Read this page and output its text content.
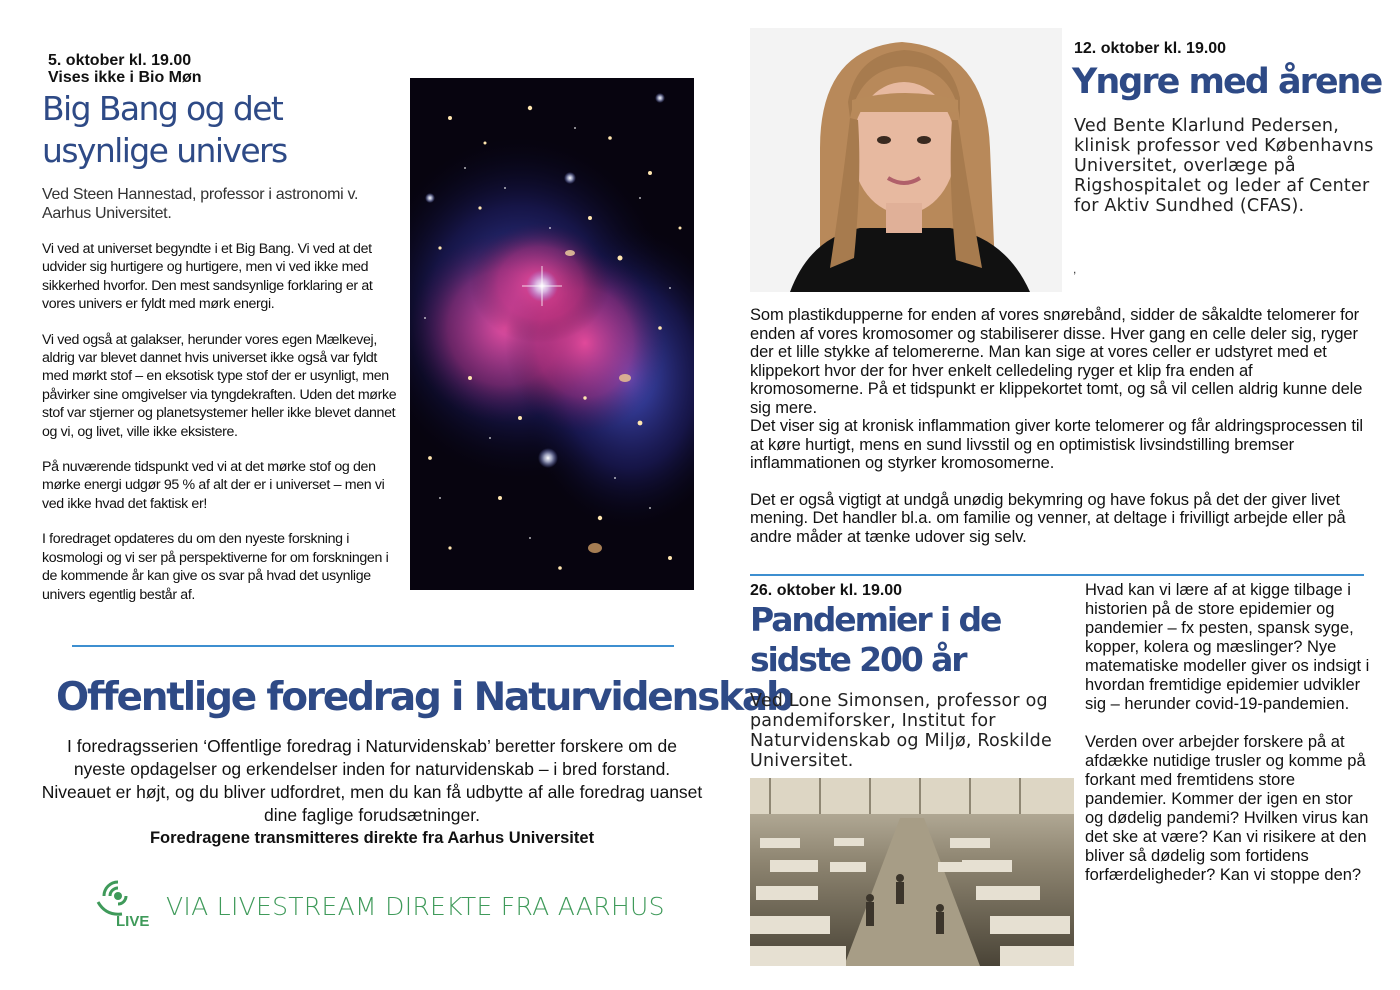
5. oktober kl. 19.00
Vises ikke i Bio Møn
Big Bang og det usynlige univers
Ved Steen Hannestad, professor i astronomi v. Aarhus Universitet.

Vi ved at universet begyndte i et Big Bang. Vi ved at det udvider sig hurtigere og hurtigere, men vi ved ikke med sikkerhed hvorfor. Den mest sandsynlige forklaring er at vores univers er fyldt med mørk energi.

Vi ved også at galakser, herunder vores egen Mælkevej, aldrig var blevet dannet hvis universet ikke også var fyldt med mørkt stof – en eksotisk type stof der er usynligt, men påvirker sine omgivelser via tyngdekraften. Uden det mørke stof var stjerner og planetsystemer heller ikke blevet dannet og vi, og livet, ville ikke eksistere.

På nuværende tidspunkt ved vi at det mørke stof og den mørke energi udgør 95 % af alt der er i universet – men vi ved ikke hvad det faktisk er!

I foredraget opdateres du om den nyeste forskning i kosmologi og vi ser på perspektiverne for om forskningen i de kommende år kan give os svar på hvad det usynlige univers egentlig består af.

Offentlige foredrag i Naturvidenskab
I foredragsserien ‘Offentlige foredrag i Naturvidenskab’ beretter forskere om de nyeste opdagelser og erkendelser inden for naturvidenskab – i bred forstand. Niveauet er højt, og du bliver udfordret, men du kan få udbytte af alle foredrag uanset dine faglige forudsætninger.
Foredragene transmitteres direkte fra Aarhus Universitet
LIVE
VIA LIVESTREAM DIREKTE FRA AARHUS
12. oktober kl. 19.00
Yngre med årene
Ved Bente Klarlund Pedersen, klinisk professor ved Københavns Universitet, overlæge på Rigshospitalet og leder af Center for Aktiv Sundhed (CFAS).
,

Som plastikdupperne for enden af vores snørebånd, sidder de såkaldte telomerer for enden af vores kromosomer og stabiliserer disse. Hver gang en celle deler sig, ryger der et lille stykke af telomererne. Man kan sige at vores celler er udstyret med et klippekort hvor der for hver enkelt celledeling ryger et klip fra enden af kromosomerne. På et tidspunkt er klippekortet tomt, og så vil cellen aldrig kunne dele sig mere.

Det viser sig at kronisk inflammation giver korte telomerer og får aldringsprocessen til at køre hurtigt, mens en sund livsstil og en optimistisk livsindstilling bremser inflammationen og styrker kromosomerne.

Det er også vigtigt at undgå unødig bekymring og have fokus på det der giver livet mening. Det handler bl.a. om familie og venner, at deltage i frivilligt arbejde eller på andre måder at tænke udover sig selv.

26. oktober kl. 19.00
Pandemier i de sidste 200 år
Ved Lone Simonsen, professor og pandemiforsker, Institut for Naturvidenskab og Miljø, Roskilde Universitet.

Hvad kan vi lære af at kigge tilbage i historien på de store epidemier og pandemier – fx pesten, spansk syge, kopper, kolera og mæslinger? Nye matematiske modeller giver os indsigt i hvordan fremtidige epidemier udvikler sig – herunder covid-19-pandemien.

Verden over arbejder forskere på at afdække nutidige trusler og komme på forkant med fremtidens store pandemier. Kommer der igen en stor og dødelig pandemi? Hvilken virus kan det ske at være? Kan vi risikere at den bliver så dødelig som fortidens forfærdeligheder? Kan vi stoppe den?
